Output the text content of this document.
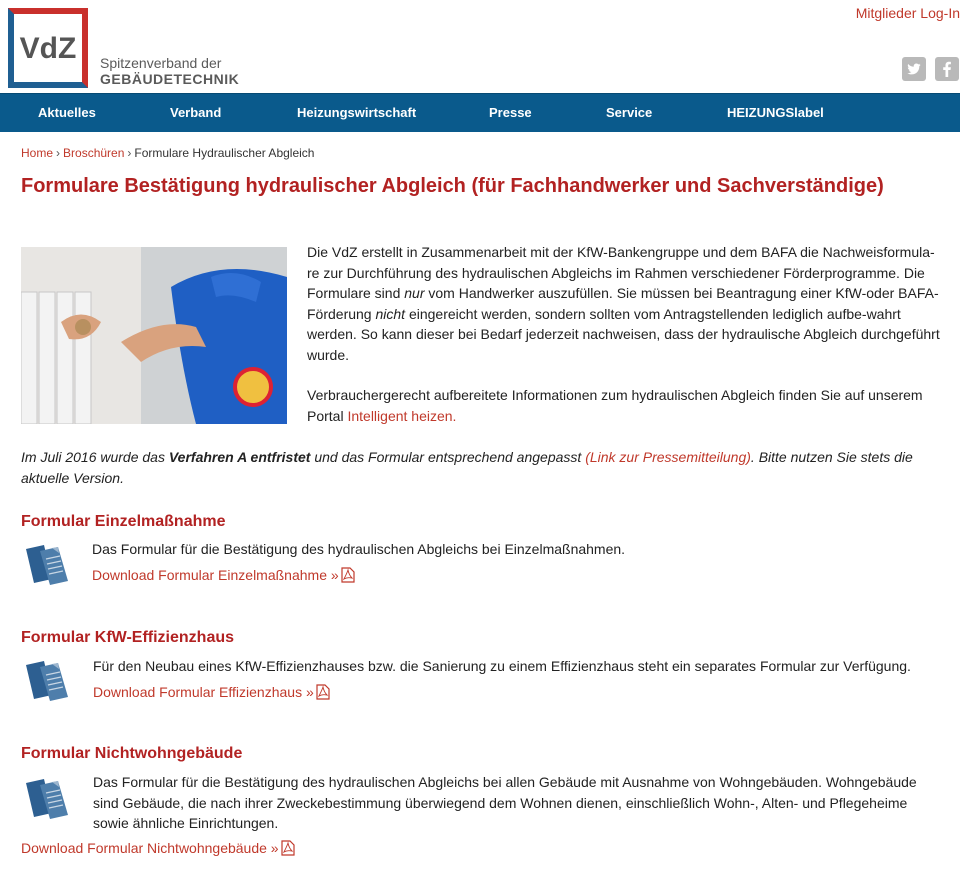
VdZ Spitzenverband der
GEBÄUDETECHNIK
Mitglieder Log-In
Aktuelles	Verband	Heizungswirtschaft	Presse	Service	HEIZUNGSlabel
Home › Broschüren › Formulare Hydraulischer Abgleich
Formulare Bestätigung hydraulischer Abgleich (für Fachhandwerker und Sachverständige)

Die VdZ erstellt in Zusammenarbeit mit der KfW-Bankengruppe und dem BAFA die Nachweisformula-re zur Durchführung des hydraulischen Abgleichs im Rahmen verschiedener Förderprogramme. Die Formulare sind nur vom Handwerker auszufüllen. Sie müssen bei Beantragung einer KfW-oder BAFA-Förderung nicht eingereicht werden, sondern sollten vom Antragstellenden lediglich aufbe-wahrt werden. So kann dieser bei Bedarf jederzeit nachweisen, dass der hydraulische Abgleich durchgeführt wurde.

Verbrauchergerecht aufbereitete Informationen zum hydraulischen Abgleich finden Sie auf unserem Portal Intelligent heizen.

Im Juli 2016 wurde das Verfahren A entfristet und das Formular entsprechend angepasst (Link zur Pressemitteilung). Bitte nutzen Sie stets die aktuelle Version.

Formular Einzelmaßnahme

Das Formular für die Bestätigung des hydraulischen Abgleichs bei Einzelmaßnahmen.

Download Formular Einzelmaßnahme »
Formular KfW-Effizienzhaus

Für den Neubau eines KfW-Effizienzhauses bzw. die Sanierung zu einem Effizienzhaus steht ein separates Formular zur Verfügung.

Download Formular Effizienzhaus »
Formular Nichtwohngebäude

Das Formular für die Bestätigung des hydraulischen Abgleichs bei allen Gebäude mit Ausnahme von Wohngebäuden. Wohngebäude sind Gebäude, die nach ihrer Zweckebestimmung überwiegend dem Wohnen dienen, einschließlich Wohn-, Alten- und Pflegeheime sowie ähnliche Einrichtungen.

Download Formular Nichtwohngebäude »
